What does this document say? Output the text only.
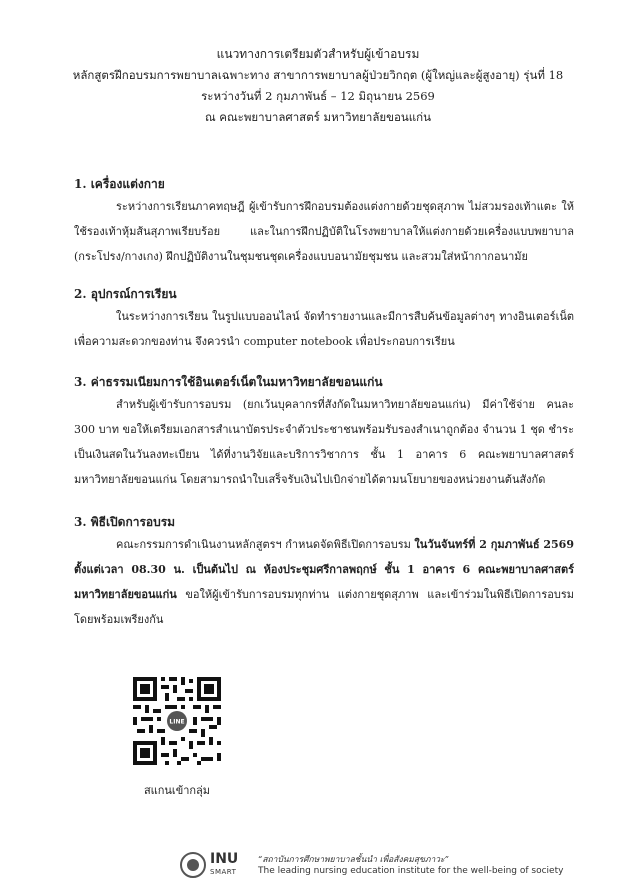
แนวทางการเตรียมตัวสำหรับผู้เข้าอบรม
หลักสูตรฝึกอบรมการพยาบาลเฉพาะทาง สาขาการพยาบาลผู้ป่วยวิกฤต (ผู้ใหญ่และผู้สูงอายุ) รุ่นที่ 18
ระหว่างวันที่ 2 กุมภาพันธ์ – 12 มิถุนายน 2569
ณ คณะพยาบาลศาสตร์ มหาวิทยาลัยขอนแก่น
1. เครื่องแต่งกาย
ระหว่างการเรียนภาคทฤษฎี ผู้เข้ารับการฝึกอบรมต้องแต่งกายด้วยชุดสุภาพ ไม่สวมรองเท้าแตะ ให้ใช้รองเท้าหุ้มส้นสุภาพเรียบร้อย และในการฝึกปฏิบัติในโรงพยาบาลให้แต่งกายด้วยเครื่องแบบพยาบาล (กระโปรง/กางเกง) ฝึกปฏิบัติงานในชุมชนชุดเครื่องแบบอนามัยชุมชน และสวมใส่หน้ากากอนามัย
2. อุปกรณ์การเรียน
ในระหว่างการเรียน ในรูปแบบออนไลน์ จัดทำรายงานและมีการสืบค้นข้อมูลต่างๆ ทางอินเตอร์เน็ต เพื่อความสะดวกของท่าน จึงควรนำ computer notebook เพื่อประกอบการเรียน
3. ค่าธรรมเนียมการใช้อินเตอร์เน็ตในมหาวิทยาลัยขอนแก่น
สำหรับผู้เข้ารับการอบรม (ยกเว้นบุคลากรที่สังกัดในมหาวิทยาลัยขอนแก่น) มีค่าใช้จ่าย คนละ 300 บาท ขอให้เตรียมเอกสารสำเนาบัตรประจำตัวประชาชนพร้อมรับรองสำเนาถูกต้อง จำนวน 1 ชุด ชำระเป็นเงินสดในวันลงทะเบียน ได้ที่งานวิจัยและบริการวิชาการ ชั้น 1 อาคาร 6 คณะพยาบาลศาสตร์ มหาวิทยาลัยขอนแก่น โดยสามารถนำใบเสร็จรับเงินไปเบิกจ่ายได้ตามนโยบายของหน่วยงานต้นสังกัด
3. พิธีเปิดการอบรม
คณะกรรมการดำเนินงานหลักสูตรฯ กำหนดจัดพิธีเปิดการอบรม ในวันจันทร์ที่ 2 กุมภาพันธ์ 2569 ตั้งแต่เวลา 08.30 น. เป็นต้นไป ณ ห้องประชุมศรีกาลพฤกษ์ ชั้น 1 อาคาร 6 คณะพยาบาลศาสตร์ มหาวิทยาลัยขอนแก่น ขอให้ผู้เข้ารับการอบรมทุกท่าน แต่งกายชุดสุภาพ และเข้าร่วมในพิธีเปิดการอบรมโดยพร้อมเพรียงกัน
LINE
สแกนเข้ากลุ่ม
INU
SMART
“สถาบันการศึกษาพยาบาลชั้นนำ เพื่อสังคมสุขภาวะ”
The leading nursing education institute for the well-being of society
